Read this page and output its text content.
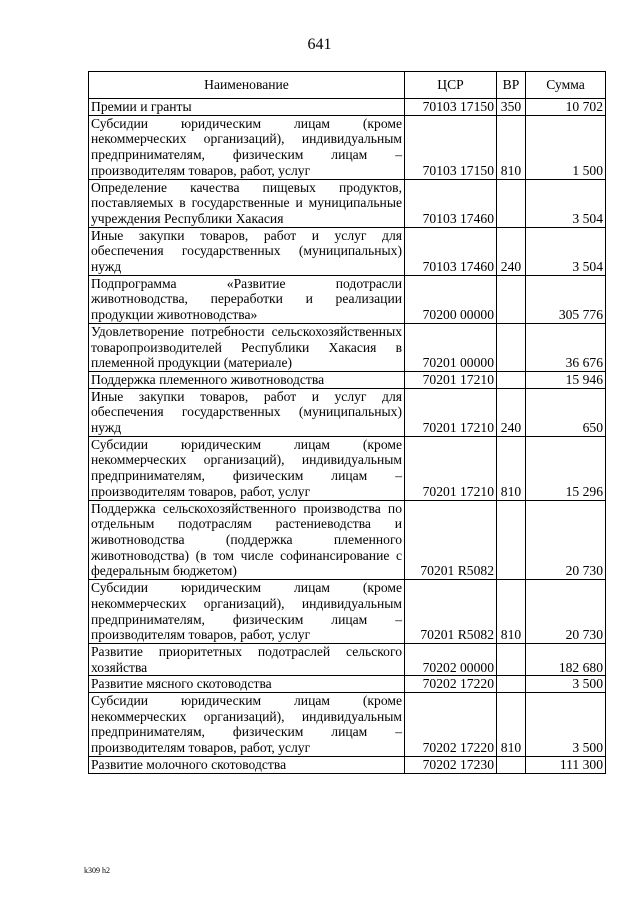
641
Наименование	ЦСР	ВР	Сумма
Премии и гранты	70103 17150	350	10 702
Субсидии юридическим лицам (кроме некоммерческих организаций), индивидуальным предпринимателям, физическим лицам – производителям товаров, работ, услуг	70103 17150	810	1 500
Определение качества пищевых продуктов, поставляемых в государственные и муниципальные учреждения Республики Хакасия	70103 17460		3 504
Иные закупки товаров, работ и услуг для обеспечения государственных (муниципальных) нужд	70103 17460	240	3 504
Подпрограмма «Развитие подотрасли животноводства, переработки и реализации продукции животноводства»	70200 00000		305 776
Удовлетворение потребности сельскохозяйственных товаропроизводителей Республики Хакасия в племенной продукции (материале)	70201 00000		36 676
Поддержка племенного животноводства	70201 17210		15 946
Иные закупки товаров, работ и услуг для обеспечения государственных (муниципальных) нужд	70201 17210	240	650
Субсидии юридическим лицам (кроме некоммерческих организаций), индивидуальным предпринимателям, физическим лицам – производителям товаров, работ, услуг	70201 17210	810	15 296
Поддержка сельскохозяйственного производства по отдельным подотраслям растениеводства и животноводства (поддержка племенного животноводства) (в том числе софинансирование с федеральным бюджетом)	70201 R5082		20 730
Субсидии юридическим лицам (кроме некоммерческих организаций), индивидуальным предпринимателям, физическим лицам – производителям товаров, работ, услуг	70201 R5082	810	20 730
Развитие приоритетных подотраслей сельского хозяйства	70202 00000		182 680
Развитие мясного скотоводства	70202 17220		3 500
Субсидии юридическим лицам (кроме некоммерческих организаций), индивидуальным предпринимателям, физическим лицам – производителям товаров, работ, услуг	70202 17220	810	3 500
Развитие молочного скотоводства	70202 17230		111 300
k309 h2
